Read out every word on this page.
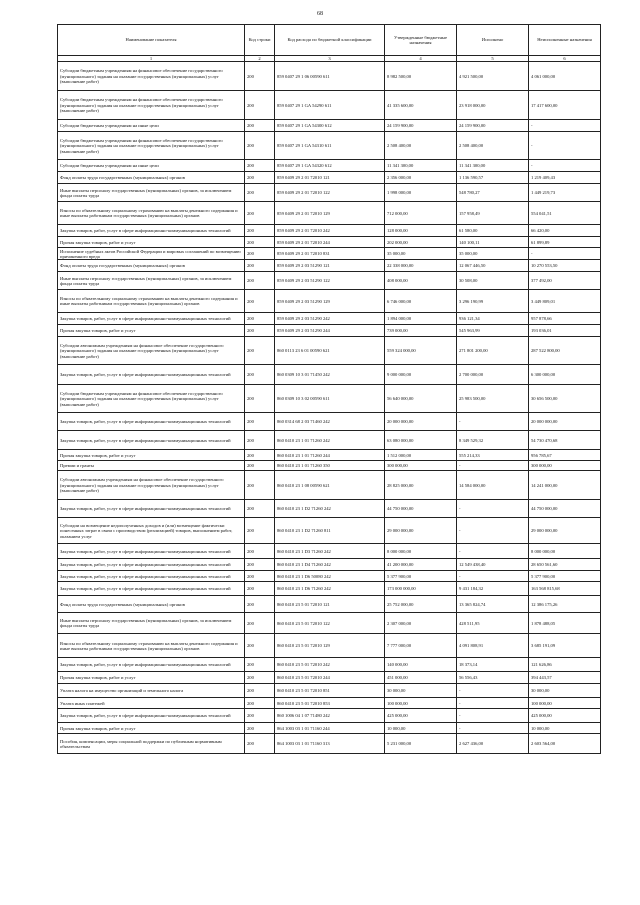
68
Наименование показателя	Код строки	Код расхода по бюджетной классификации	Утвержденные бюджетные назначения	Исполнено	Неисполненные назначения
1	2	3	4	5	6
Субсидии бюджетным учреждениям на финансовое обеспечение государственного (муниципального) задания на оказание государственных (муниципальных) услуг (выполнение работ)	200	859 0407 29 1 06 00590 611	8 982 500,00	4 921 500,00	4 061 000,00
Субсидии бюджетным учреждениям на финансовое обеспечение государственного (муниципального) задания на оказание государственных (муниципальных) услуг (выполнение работ)	200	859 0407 29 1 GA 54290 611	41 335 600,00	23 918 000,00	17 417 600,00
Субсидии бюджетным учреждениям на иные цели	200	859 0407 29 1 GA 54300 612	24 159 900,00	24 159 900,00	-
Субсидии бюджетным учреждениям на финансовое обеспечение государственного (муниципального) задания на оказание государственных (муниципальных) услуг (выполнение работ)	200	859 0407 29 1 GA 54310 611	2 508 400,00	2 508 400,00	-
Субсидии бюджетным учреждениям на иные цели	200	859 0407 29 1 GA 54320 612	11 341 300,00	11 341 300,00	-
Фонд оплаты труда государственных (муниципальных) органов	200	859 0409 29 2 01 72010 121	2 356 000,00	1 136 590,57	1 219 409,43
Иные выплаты персоналу государственных (муниципальных) органов, за исключением фонда оплаты труда	200	859 0409 29 2 01 72010 122	1 998 000,00	548 780,27	1 449 219,73
Взносы по обязательному социальному страхованию на выплаты денежного содержания и иные выплаты работникам государственных (муниципальных) органов	200	859 0409 29 2 01 72010 129	712 000,00	157 958,49	554 041,51
Закупка товаров, работ, услуг в сфере информационно-коммуникационных технологий	200	859 0409 29 2 01 72010 242	128 000,00	61 580,00	66 420,00
Прочая закупка товаров, работ и услуг	200	859 0409 29 2 01 72010 244	202 000,00	140 100,11	61 899,89
Исполнение судебных актов Российской Федерации и мировых соглашений по возмещению причиненного вреда	200	859 0409 29 2 01 72010 831	35 000,00	35 000,00	-
Фонд оплаты труда государственных (муниципальных) органов	200	859 0409 29 2 03 51290 121	22 338 000,00	12 067 446,50	10 270 553,50
Иные выплаты персоналу государственных (муниципальных) органов, за исключением фонда оплаты труда	200	859 0409 29 2 03 51290 122	408 000,00	30 508,00	377 492,00
Взносы по обязательному социальному страхованию на выплаты денежного содержания и иные выплаты работникам государственных (муниципальных) органов	200	859 0409 29 2 03 51290 129	6 746 000,00	3 296 190,99	3 449 809,01
Закупка товаров, работ, услуг в сфере информационно-коммуникационных технологий	200	859 0409 29 2 03 51290 242	1 894 000,00	936 121,34	957 878,66
Прочая закупка товаров, работ и услуг	200	859 0409 29 2 03 51290 244	739 000,00	545 963,99	193 036,01
Субсидии автономным учреждениям на финансовое обеспечение государственного (муниципального) задания на оказание государственных (муниципальных) услуг (выполнение работ)	200	860 0113 23 6 01 00590 621	559 324 000,00	271 801 200,00	287 522 800,00
Закупка товаров, работ, услуг в сфере информационно-коммуникационных технологий	200	860 0309 10 3 01 71450 242	9 000 000,00	2 700 000,00	6 300 000,00
Субсидии бюджетным учреждениям на финансовое обеспечение государственного (муниципального) задания на оказание государственных (муниципальных) услуг (выполнение работ)	200	860 0309 10 3 02 00590 611	56 640 000,00	25 983 500,00	30 656 500,00
Закупка товаров, работ, услуг в сфере информационно-коммуникационных технологий	200	860 0314 68 2 03 71460 242	20 000 000,00	-	20 000 000,00
Закупка товаров, работ, услуг в сфере информационно-коммуникационных технологий	200	860 0410 23 1 01 71260 242	63 080 000,00	8 349 529,32	54 730 470,68
Прочая закупка товаров, работ и услуг	200	860 0410 23 1 01 71260 244	1 512 000,00	555 214,33	956 785,67
Премии и гранты	200	860 0410 23 1 01 71260 350	300 000,00	-	300 000,00
Субсидии автономным учреждениям на финансовое обеспечение государственного (муниципального) задания на оказание государственных (муниципальных) услуг (выполнение работ)	200	860 0410 23 1 08 00590 621	28 825 000,00	14 584 000,00	14 241 000,00
Закупка товаров, работ, услуг в сфере информационно-коммуникационных технологий	200	860 0410 23 1 D2 71260 242	44 750 000,00	-	44 750 000,00
Субсидии на возмещение недополученных доходов и (или) возмещение фактически понесенных затрат в связи с производством (реализацией) товаров, выполнением работ, оказанием услуг	200	860 0410 23 1 D2 71260 811	29 000 000,00	-	29 000 000,00
Закупка товаров, работ, услуг в сфере информационно-коммуникационных технологий	200	860 0410 23 1 D3 71260 242	8 000 000,00	-	8 000 000,00
Закупка товаров, работ, услуг в сфере информационно-коммуникационных технологий	200	860 0410 23 1 D4 71260 242	41 200 000,00	12 549 438,40	28 650 561,60
Закупка товаров, работ, услуг в сфере информационно-коммуникационных технологий	200	860 0410 23 1 D6 50080 242	5 377 900,00	-	5 377 900,00
Закупка товаров, работ, услуг в сфере информационно-коммуникационных технологий	200	860 0410 23 1 D6 71260 242	173 000 000,00	9 431 184,32	163 568 815,68
Фонд оплаты труда государственных (муниципальных) органов	200	860 0410 23 5 01 72010 121	25 752 000,00	13 365 824,74	12 386 175,26
Иные выплаты персоналу государственных (муниципальных) органов, за исключением фонда оплаты труда	200	860 0410 23 5 01 72010 122	2 307 000,00	428 511,95	1 878 488,05
Взносы по обязательному социальному страхованию на выплаты денежного содержания и иные выплаты работникам государственных (муниципальных) органов	200	860 0410 23 5 01 72010 129	7 777 000,00	4 091 808,91	3 685 191,09
Закупка товаров, работ, услуг в сфере информационно-коммуникационных технологий	200	860 0410 23 5 01 72010 242	140 000,00	18 373,14	121 626,86
Прочая закупка товаров, работ и услуг	200	860 0410 23 5 01 72010 244	451 000,00	56 556,43	394 443,57
Уплата налога на имущество организаций и земельного налога	200	860 0410 23 5 01 72010 851	30 000,00	-	30 000,00
Уплата иных платежей	200	860 0410 23 5 01 72010 853	100 000,00	-	100 000,00
Закупка товаров, работ, услуг в сфере информационно-коммуникационных технологий	200	860 1006 04 1 07 71480 242	425 000,00	-	425 000,00
Прочая закупка товаров, работ и услуг	200	864 1003 03 1 01 71160 244	10 000,00	-	10 000,00
Пособия, компенсации, меры социальной поддержки по публичным нормативным обязательствам	200	864 1003 03 1 01 71160 313	5 231 000,00	2 627 436,00	2 603 564,00
